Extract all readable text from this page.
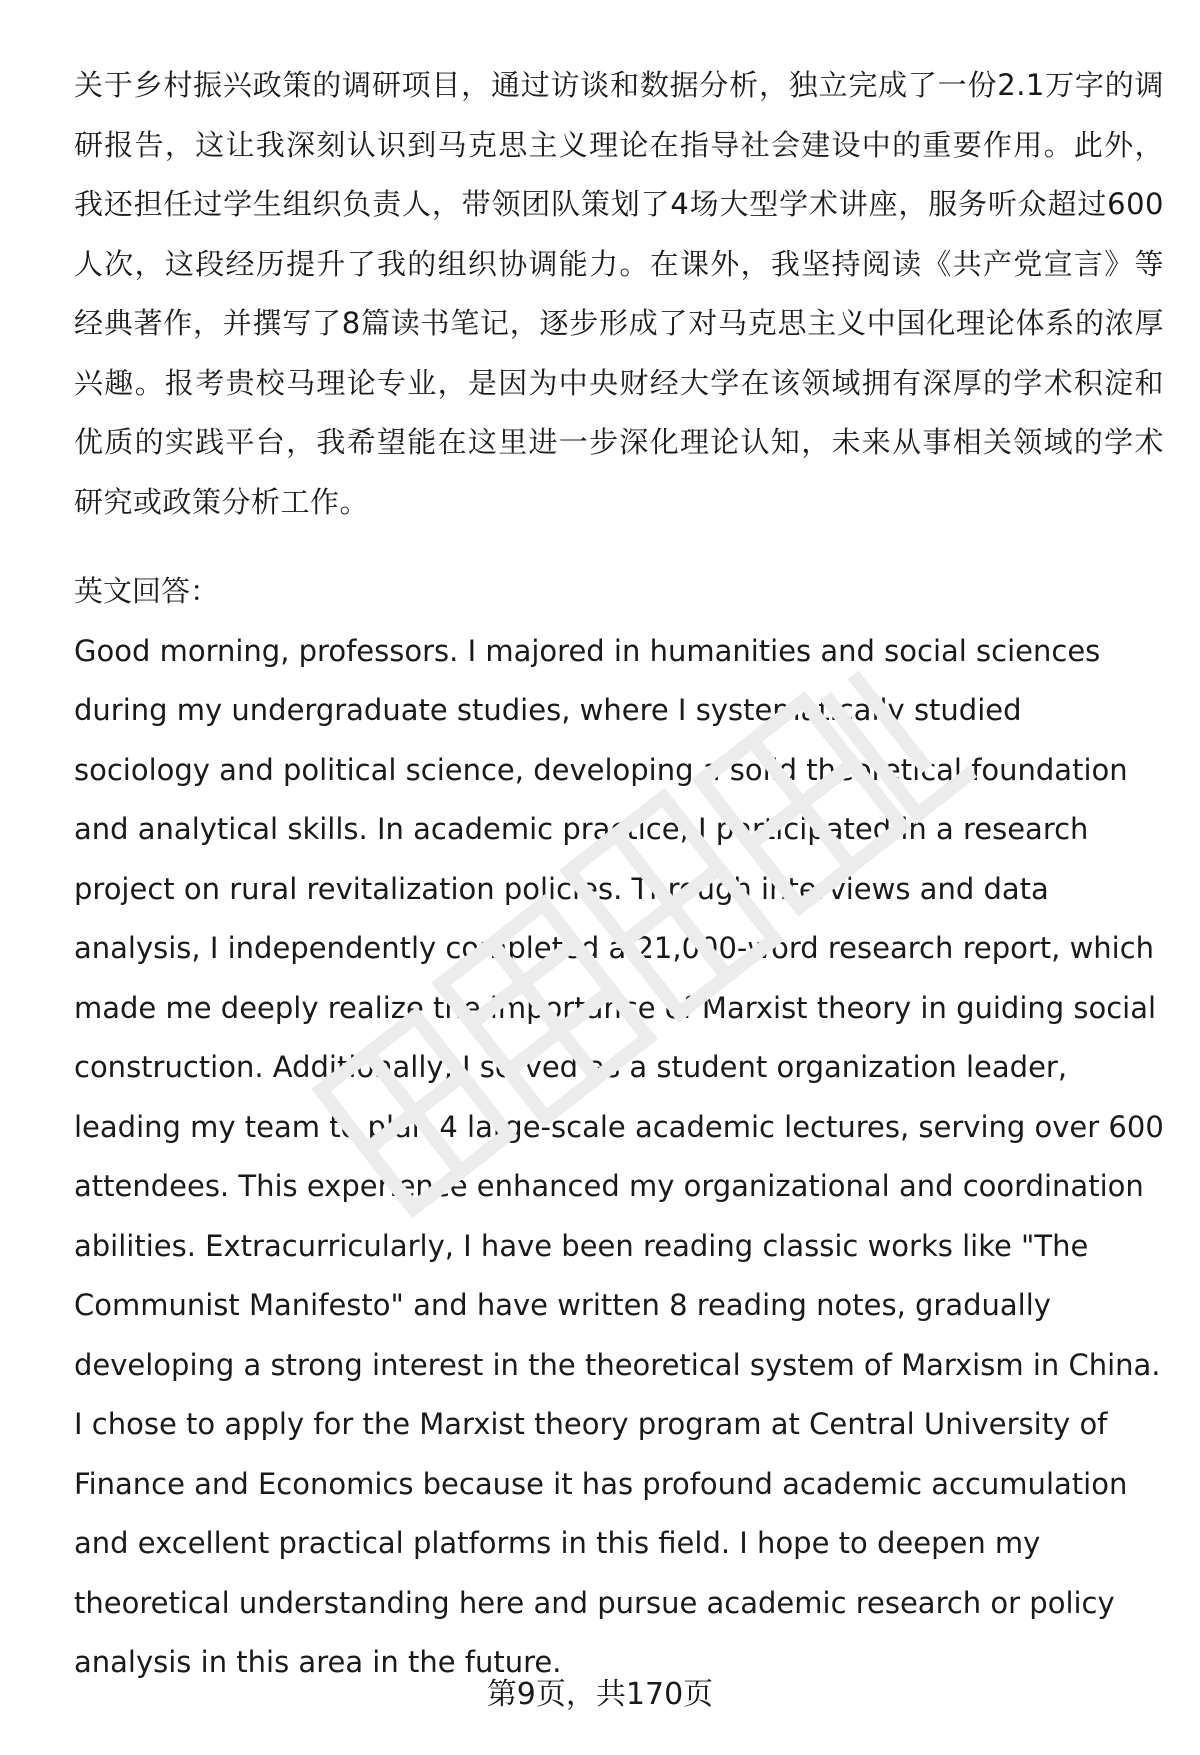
关于乡村振兴政策的调研项目，通过访谈和数据分析，独立完成了一份2.1万字的调研报告，这让我深刻认识到马克思主义理论在指导社会建设中的重要作用。此外，我还担任过学生组织负责人，带领团队策划了4场大型学术讲座，服务听众超过600人次，这段经历提升了我的组织协调能力。在课外，我坚持阅读《共产党宣言》等经典著作，并撰写了8篇读书笔记，逐步形成了对马克思主义中国化理论体系的浓厚兴趣。报考贵校马理论专业，是因为中央财经大学在该领域拥有深厚的学术积淀和优质的实践平台，我希望能在这里进一步深化理论认知，未来从事相关领域的学术研究或政策分析工作。

英文回答：

Good morning, professors. I majored in humanities and social sciences during my undergraduate studies, where I systematically studied sociology and political science, developing a solid theoretical foundation and analytical skills. In academic practice, I participated in a research project on rural revitalization policies. Through interviews and data analysis, I independently completed a 21,000-word research report, which made me deeply realize the importance of Marxist theory in guiding social construction. Additionally, I served as a student organization leader, leading my team to plan 4 large-scale academic lectures, serving over 600 attendees. This experience enhanced my organizational and coordination abilities. Extracurricularly, I have been reading classic works like "The Communist Manifesto" and have written 8 reading notes, gradually developing a strong interest in the theoretical system of Marxism in China. I chose to apply for the Marxist theory program at Central University of Finance and Economics because it has profound academic accumulation and excellent practical platforms in this field. I hope to deepen my theoretical understanding here and pursue academic research or policy analysis in this area in the future.

第9页，共170页
